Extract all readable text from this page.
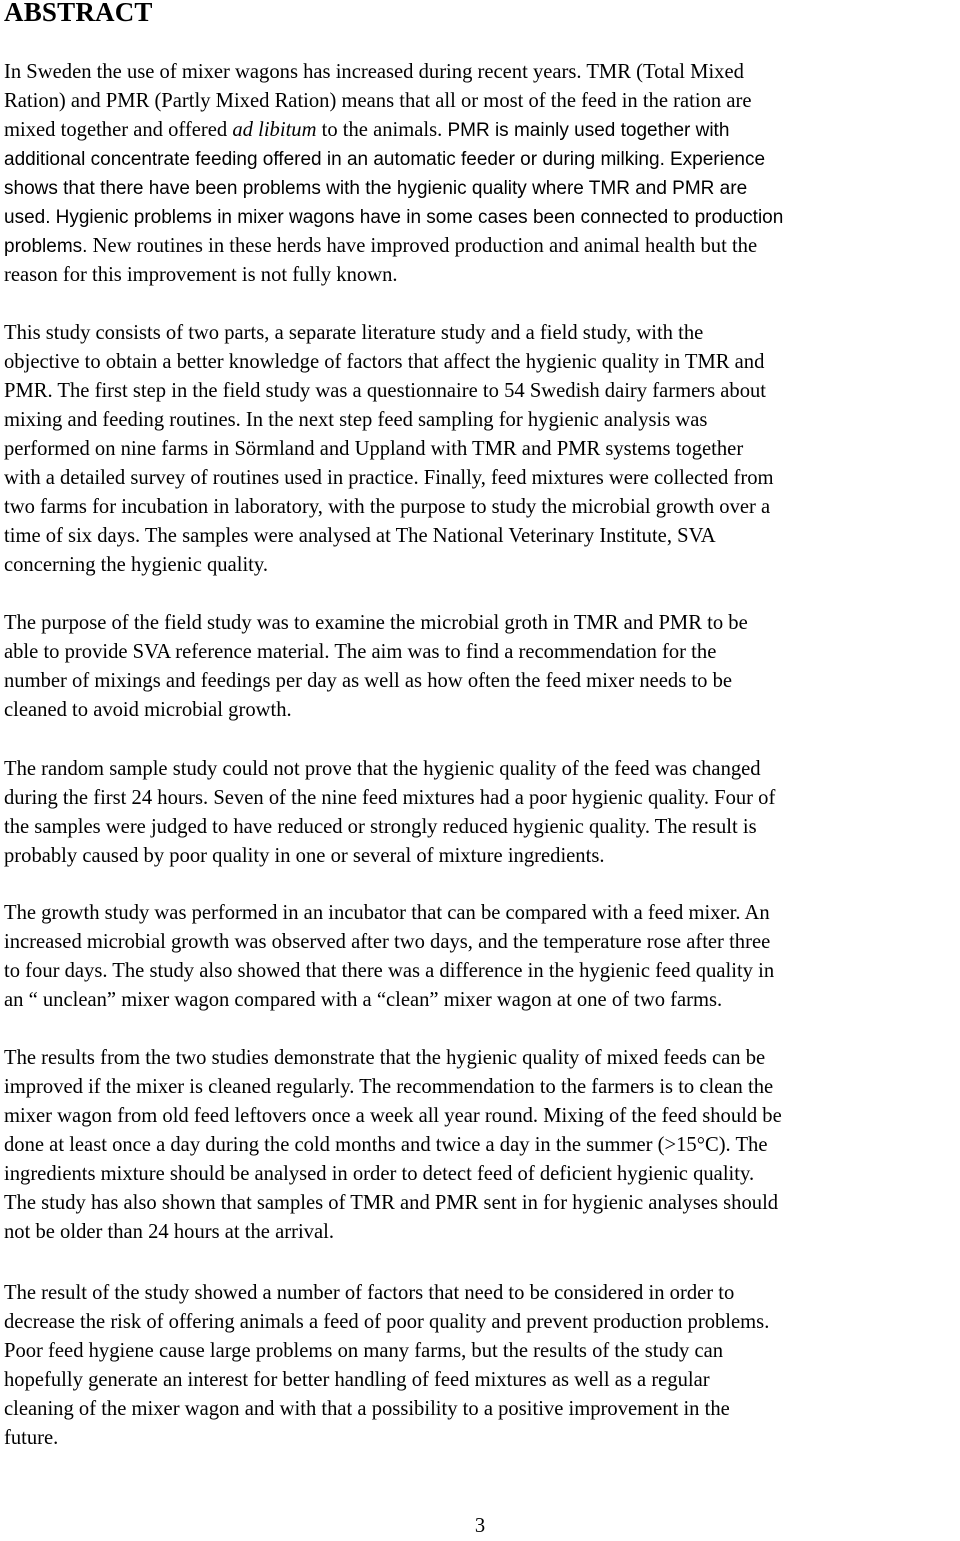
ABSTRACT
In Sweden the use of mixer wagons has increased during recent years. TMR (Total Mixed
Ration) and PMR (Partly Mixed Ration) means that all or most of the feed in the ration are
mixed together and offered ad libitum to the animals. PMR is mainly used together with
additional concentrate feeding offered in an automatic feeder or during milking. Experience
shows that there have been problems with the hygienic quality where TMR and PMR are
used. Hygienic problems in mixer wagons have in some cases been connected to production
problems. New routines in these herds have improved production and animal health but the
reason for this improvement is not fully known.
This study consists of two parts, a separate literature study and a field study, with the
objective to obtain a better knowledge of factors that affect the hygienic quality in TMR and
PMR. The first step in the field study was a questionnaire to 54 Swedish dairy farmers about
mixing and feeding routines. In the next step feed sampling for hygienic analysis was
performed on nine farms in Sörmland and Uppland with TMR and PMR systems together
with a detailed survey of routines used in practice. Finally, feed mixtures were collected from
two farms for incubation in laboratory, with the purpose to study the microbial growth over a
time of six days. The samples were analysed at The National Veterinary Institute, SVA
concerning the hygienic quality.
The purpose of the field study was to examine the microbial groth in TMR and PMR to be
able to provide SVA reference material. The aim was to find a recommendation for the
number of mixings and feedings per day as well as how often the feed mixer needs to be
cleaned to avoid microbial growth.
The random sample study could not prove that the hygienic quality of the feed was changed
during the first 24 hours. Seven of the nine feed mixtures had a poor hygienic quality. Four of
the samples were judged to have reduced or strongly reduced hygienic quality. The result is
probably caused by poor quality in one or several of mixture ingredients.
The growth study was performed in an incubator that can be compared with a feed mixer. An
increased microbial growth was observed after two days, and the temperature rose after three
to four days. The study also showed that there was a difference in the hygienic feed quality in
an “ unclean” mixer wagon compared with a “clean” mixer wagon at one of two farms.
The results from the two studies demonstrate that the hygienic quality of mixed feeds can be
improved if the mixer is cleaned regularly. The recommendation to the farmers is to clean the
mixer wagon from old feed leftovers once a week all year round. Mixing of the feed should be
done at least once a day during the cold months and twice a day in the summer (>15°C). The
ingredients mixture should be analysed in order to detect feed of deficient hygienic quality.
The study has also shown that samples of TMR and PMR sent in for hygienic analyses should
not be older than 24 hours at the arrival.
The result of the study showed a number of factors that need to be considered in order to
decrease the risk of offering animals a feed of poor quality and prevent production problems.
Poor feed hygiene cause large problems on many farms, but the results of the study can
hopefully generate an interest for better handling of feed mixtures as well as a regular
cleaning of the mixer wagon and with that a possibility to a positive improvement in the
future.
3
